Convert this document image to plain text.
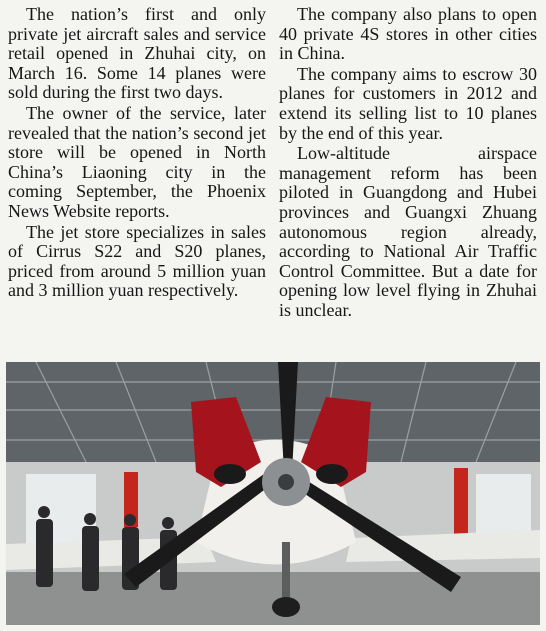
The nation’s first and only private jet aircraft sales and service retail opened in Zhuhai city, on March 16. Some 14 planes were sold during the first two days.

The owner of the service, later revealed that the nation’s second jet store will be opened in North China’s Liaoning city in the coming September, the Phoenix News Website reports.

The jet store specializes in sales of Cirrus S22 and S20 planes, priced from around 5 million yuan and 3 million yuan respectively.

The company also plans to open 40 private 4S stores in other cities in China.

The company aims to escrow 30 planes for customers in 2012 and extend its selling list to 10 planes by the end of this year.

Low-altitude airspace management reform has been piloted in Guangdong and Hubei provinces and Guangxi Zhuang autonomous region already, according to National Air Traffic Control Committee. But a date for opening low level flying in Zhuhai is unclear.
